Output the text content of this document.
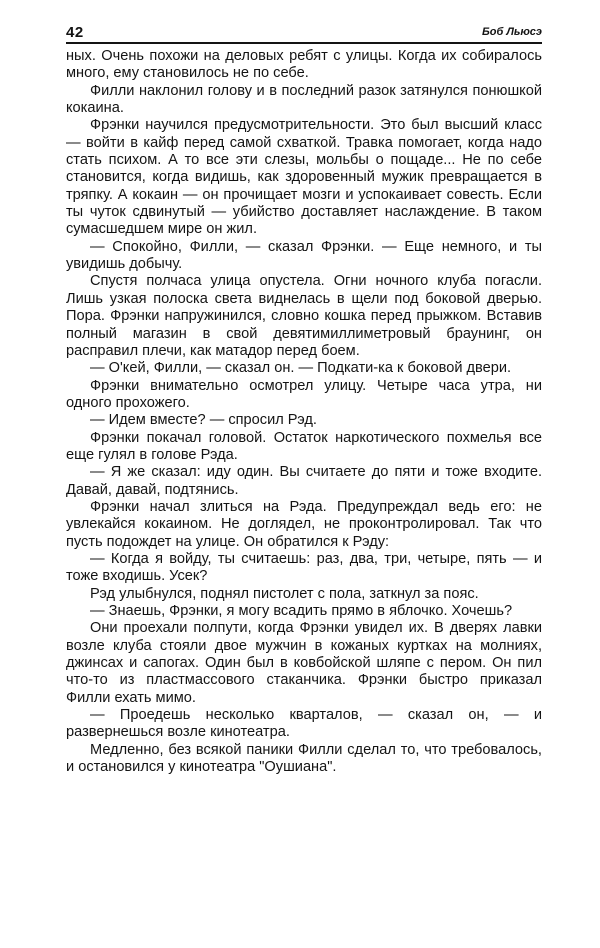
42	Боб Льюсэ

ных. Очень похожи на деловых ребят с улицы. Когда их собиралось много, ему становилось не по себе.

Филли наклонил голову и в последний разок затянулся понюшкой кокаина.

Фрэнки научился предусмотрительности. Это был высший класс — войти в кайф перед самой схваткой. Травка помогает, когда надо стать психом. А то все эти слезы, мольбы о пощаде... Не по себе становится, когда видишь, как здоровенный мужик превращается в тряпку. А кокаин — он прочищает мозги и успокаивает совесть. Если ты чуток сдвинутый — убийство доставляет наслаждение. В таком сумасшедшем мире он жил.

— Спокойно, Филли, — сказал Фрэнки. — Еще немного, и ты увидишь добычу.

Спустя полчаса улица опустела. Огни ночного клуба погасли. Лишь узкая полоска света виднелась в щели под боковой дверью. Пора. Фрэнки напружинился, словно кошка перед прыжком. Вставив полный магазин в свой девятимиллиметровый браунинг, он расправил плечи, как матадор перед боем.

— О'кей, Филли, — сказал он. — Подкати-ка к боковой двери.

Фрэнки внимательно осмотрел улицу. Четыре часа утра, ни одного прохожего.

— Идем вместе? — спросил Рэд.

Фрэнки покачал головой. Остаток наркотического похмелья все еще гулял в голове Рэда.

— Я же сказал: иду один. Вы считаете до пяти и тоже входите. Давай, давай, подтянись.

Фрэнки начал злиться на Рэда. Предупреждал ведь его: не увлекайся кокаином. Не доглядел, не проконтролировал. Так что пусть подождет на улице. Он обратился к Рэду:

— Когда я войду, ты считаешь: раз, два, три, четыре, пять — и тоже входишь. Усек?

Рэд улыбнулся, поднял пистолет с пола, заткнул за пояс.

— Знаешь, Фрэнки, я могу всадить прямо в яблочко. Хочешь?

Они проехали полпути, когда Фрэнки увидел их. В дверях лавки возле клуба стояли двое мужчин в кожаных куртках на молниях, джинсах и сапогах. Один был в ковбойской шляпе с пером. Он пил что-то из пластмассового стаканчика. Фрэнки быстро приказал Филли ехать мимо.

— Проедешь несколько кварталов, — сказал он, — и развернешься возле кинотеатра.

Медленно, без всякой паники Филли сделал то, что требовалось, и остановился у кинотеатра "Оушиана".
